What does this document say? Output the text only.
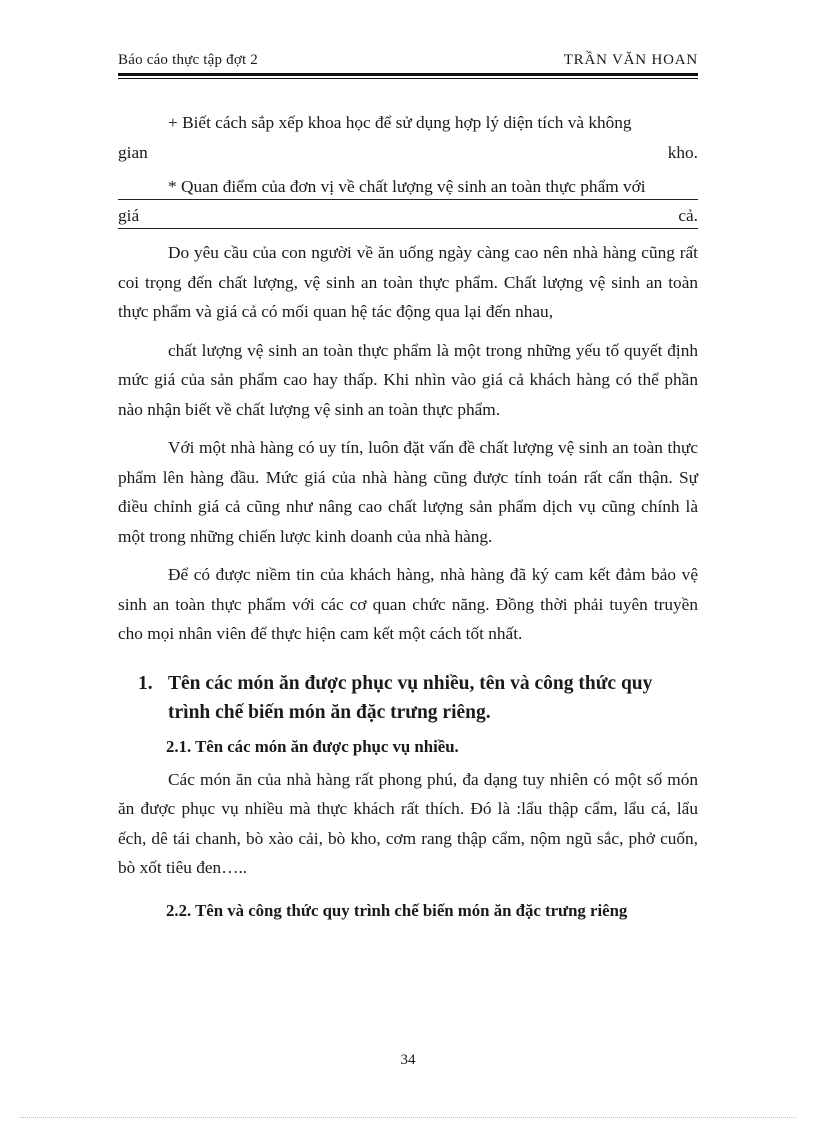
Báo cáo thực tập đợt 2	TRẦN VĂN HOAN
+ Biết cách sắp xếp khoa học để sử dụng hợp lý diện tích và không
gian	kho.
* Quan điểm của đơn vị về chất lượng vệ sinh an toàn thực phẩm với
giá	cả.

Do yêu cầu của con người về ăn uống ngày càng cao nên nhà hàng cũng rất coi trọng đến chất lượng, vệ sinh an toàn thực phẩm. Chất lượng vệ sinh an toàn thực phẩm và giá cả có mối quan hệ tác động qua lại đến nhau,

chất lượng vệ sinh an toàn thực phẩm là một trong những yếu tố quyết định mức giá của sản phẩm cao hay thấp. Khi nhìn vào giá cả khách hàng có thể phần nào nhận biết về chất lượng vệ sinh an toàn thực phẩm.

Với một nhà hàng có uy tín, luôn đặt vấn đề chất lượng vệ sinh an toàn thực phẩm lên hàng đầu. Mức giá của nhà hàng cũng được tính toán rất cẩn thận. Sự điều chỉnh giá cả cũng như nâng cao chất lượng sản phẩm dịch vụ cũng chính là một trong những chiến lược kinh doanh của nhà hàng.

Để có được niềm tin của khách hàng, nhà hàng đã ký cam kết đảm bảo vệ sinh an toàn thực phẩm với các cơ quan chức năng. Đồng thời phải tuyên truyền cho mọi nhân viên để thực hiện cam kết một cách tốt nhất.

1. Tên các món ăn được phục vụ nhiều, tên và công thức quy trình chế biến món ăn đặc trưng riêng.
2.1. Tên các món ăn được phục vụ nhiều.

Các món ăn của nhà hàng rất phong phú, đa dạng tuy nhiên có một số món ăn được phục vụ nhiều mà thực khách rất thích. Đó là :lẩu thập cẩm, lẩu cá, lẩu ếch, dê tái chanh, bò xào cải, bò kho, cơm rang thập cẩm, nộm ngũ sắc, phở cuốn, bò xốt tiêu đen…..

2.2. Tên và công thức quy trình chế biến món ăn đặc trưng riêng
34
